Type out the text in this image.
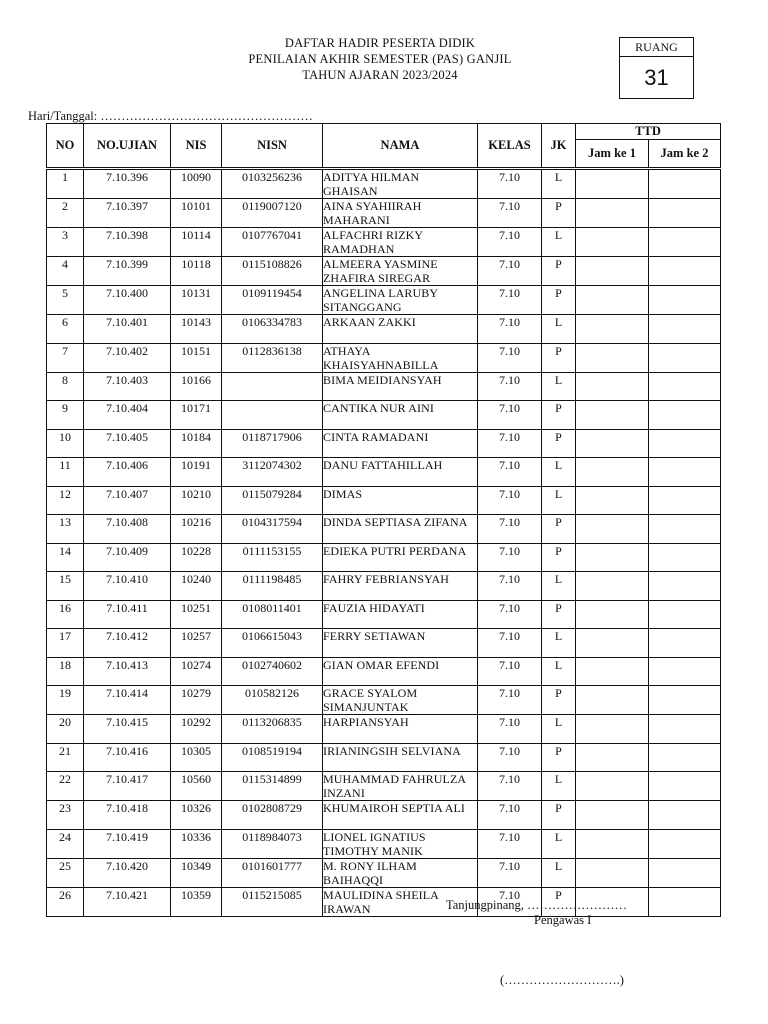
DAFTAR HADIR PESERTA DIDIK
PENILAIAN AKHIR SEMESTER (PAS) GANJIL
TAHUN AJARAN 2023/2024
RUANG
31
Hari/Tanggal: ……………………………………………
NO	NO.UJIAN	NIS	NISN	NAMA	KELAS	JK	TTD	
							Jam ke 1	Jam ke 2
1	7.10.396	10090	0103256236	ADITYA HILMAN GHAISAN	7.10	L		
2	7.10.397	10101	0119007120	AINA SYAHIIRAH MAHARANI	7.10	P		
3	7.10.398	10114	0107767041	ALFACHRI RIZKY RAMADHAN	7.10	L		
4	7.10.399	10118	0115108826	ALMEERA YASMINE ZHAFIRA SIREGAR	7.10	P		
5	7.10.400	10131	0109119454	ANGELINA LARUBY SITANGGANG	7.10	P		
6	7.10.401	10143	0106334783	ARKAAN ZAKKI	7.10	L		
7	7.10.402	10151	0112836138	ATHAYA KHAISYAHNABILLA	7.10	P		
8	7.10.403	10166		BIMA MEIDIANSYAH	7.10	L		
9	7.10.404	10171		CANTIKA NUR AINI	7.10	P		
10	7.10.405	10184	0118717906	CINTA RAMADANI	7.10	P		
11	7.10.406	10191	3112074302	DANU FATTAHILLAH	7.10	L		
12	7.10.407	10210	0115079284	DIMAS	7.10	L		
13	7.10.408	10216	0104317594	DINDA SEPTIASA ZIFANA	7.10	P		
14	7.10.409	10228	0111153155	EDIEKA PUTRI PERDANA	7.10	P		
15	7.10.410	10240	0111198485	FAHRY FEBRIANSYAH	7.10	L		
16	7.10.411	10251	0108011401	FAUZIA HIDAYATI	7.10	P		
17	7.10.412	10257	0106615043	FERRY SETIAWAN	7.10	L		
18	7.10.413	10274	0102740602	GIAN OMAR EFENDI	7.10	L		
19	7.10.414	10279	010582126	GRACE SYALOM SIMANJUNTAK	7.10	P		
20	7.10.415	10292	0113206835	HARPIANSYAH	7.10	L		
21	7.10.416	10305	0108519194	IRIANINGSIH SELVIANA	7.10	P		
22	7.10.417	10560	0115314899	MUHAMMAD FAHRULZA INZANI	7.10	L		
23	7.10.418	10326	0102808729	KHUMAIROH SEPTIA ALI	7.10	P		
24	7.10.419	10336	0118984073	LIONEL IGNATIUS TIMOTHY MANIK	7.10	L		
25	7.10.420	10349	0101601777	M. RONY ILHAM BAIHAQQI	7.10	L		
26	7.10.421	10359	0115215085	MAULIDINA SHEILA IRAWAN	7.10	P		
Tanjungpinang, ……………………
Pengawas I
(……………………….)
